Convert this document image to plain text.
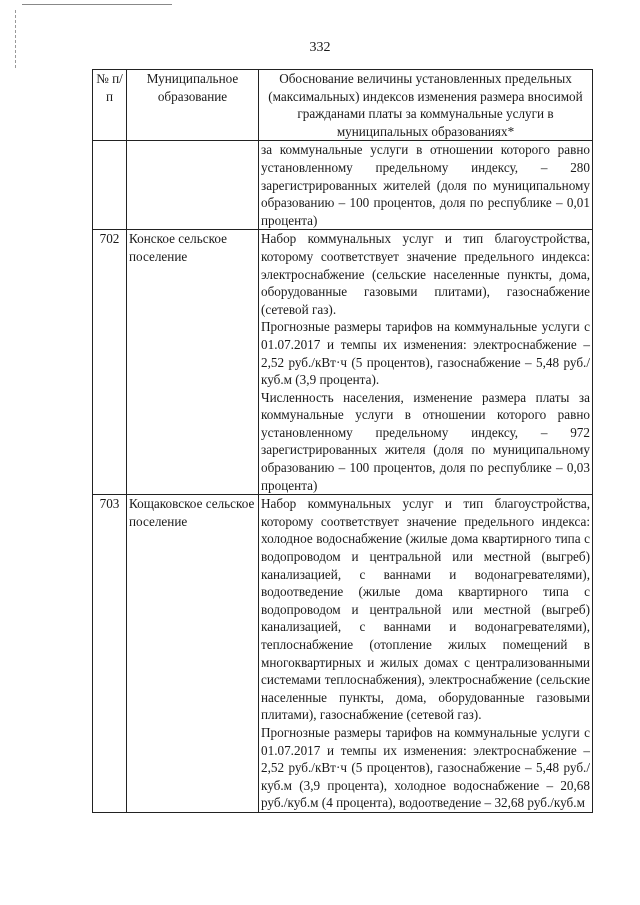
332
№ п/п	Муниципальное образование	Обоснование величины установленных предельных (максимальных) индексов изменения размера вносимой гражданами платы за коммунальные услуги в муниципальных образованиях*

		за коммунальные услуги в отношении которого равно установленному предельному индексу, – 280 зарегистрированных жителей (доля по муниципальному образованию – 100 процентов, доля по республике – 0,01 процента)

702	Конское сельское поселение	Набор коммунальных услуг и тип благоустройства, которому соответствует значение предельного индекса: электроснабжение (сельские населенные пункты, дома, оборудованные газовыми плитами), газоснабжение (сетевой газ).

Прогнозные размеры тарифов на коммунальные услуги с 01.07.2017 и темпы их изменения: электроснабжение – 2,52 руб./кВт·ч (5 процентов), газоснабжение – 5,48 руб./куб.м (3,9 процента).

Численность населения, изменение размера платы за коммунальные услуги в отношении которого равно установленному предельному индексу, – 972 зарегистрированных жителя (доля по муниципальному образованию – 100 процентов, доля по республике – 0,03 процента)

703	Кощаковское сельское поселение	Набор коммунальных услуг и тип благоустройства, которому соответствует значение предельного индекса: холодное водоснабжение (жилые дома квартирного типа с водопроводом и центральной или местной (выгреб) канализацией, с ваннами и водонагревателями), водоотведение (жилые дома квартирного типа с водопроводом и центральной или местной (выгреб) канализацией, с ваннами и водонагревателями), теплоснабжение (отопление жилых помещений в многоквартирных и жилых домах с централизованными системами теплоснабжения), электроснабжение (сельские населенные пункты, дома, оборудованные газовыми плитами), газоснабжение (сетевой газ).

Прогнозные размеры тарифов на коммунальные услуги с 01.07.2017 и темпы их изменения: электроснабжение – 2,52 руб./кВт·ч (5 процентов), газоснабжение – 5,48 руб./куб.м (3,9 процента), холодное водоснабжение – 20,68 руб./куб.м (4 процента), водоотведение – 32,68 руб./куб.м
